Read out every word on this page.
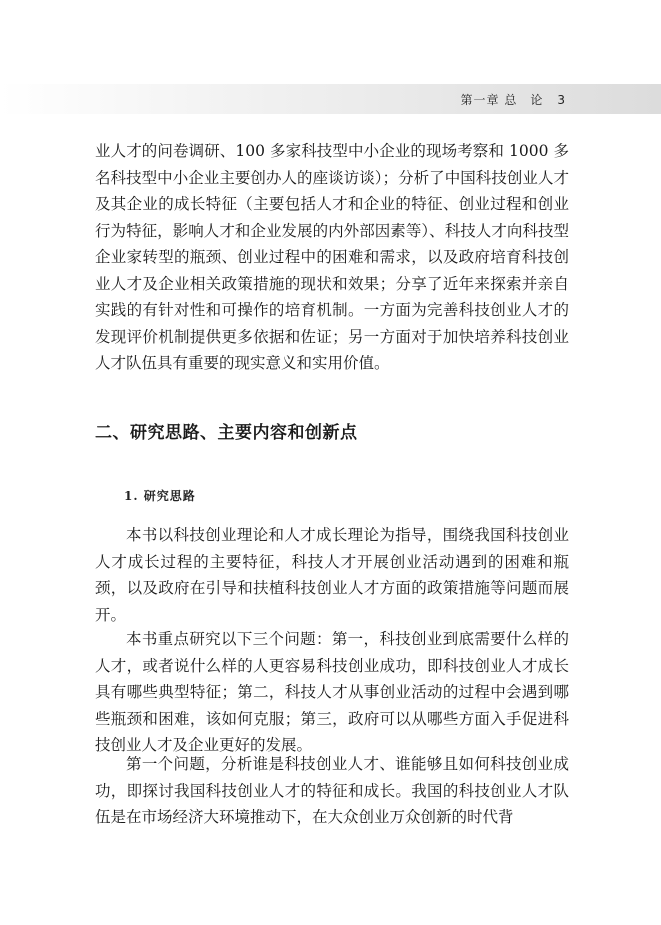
第一章 总　论 3

业人才的问卷调研、100 多家科技型中小企业的现场考察和 1000 多名科技型中小企业主要创办人的座谈访谈）；分析了中国科技创业人才及其企业的成长特征（主要包括人才和企业的特征、创业过程和创业行为特征，影响人才和企业发展的内外部因素等）、科技人才向科技型企业家转型的瓶颈、创业过程中的困难和需求，以及政府培育科技创业人才及企业相关政策措施的现状和效果；分享了近年来探索并亲自实践的有针对性和可操作的培育机制。一方面为完善科技创业人才的发现评价机制提供更多依据和佐证；另一方面对于加快培养科技创业人才队伍具有重要的现实意义和实用价值。

二、研究思路、主要内容和创新点
1. 研究思路

本书以科技创业理论和人才成长理论为指导，围绕我国科技创业人才成长过程的主要特征，科技人才开展创业活动遇到的困难和瓶颈，以及政府在引导和扶植科技创业人才方面的政策措施等问题而展开。

本书重点研究以下三个问题：第一，科技创业到底需要什么样的人才，或者说什么样的人更容易科技创业成功，即科技创业人才成长具有哪些典型特征；第二，科技人才从事创业活动的过程中会遇到哪些瓶颈和困难，该如何克服；第三，政府可以从哪些方面入手促进科技创业人才及企业更好的发展。

第一个问题，分析谁是科技创业人才、谁能够且如何科技创业成功，即探讨我国科技创业人才的特征和成长。我国的科技创业人才队伍是在市场经济大环境推动下，在大众创业万众创新的时代背
